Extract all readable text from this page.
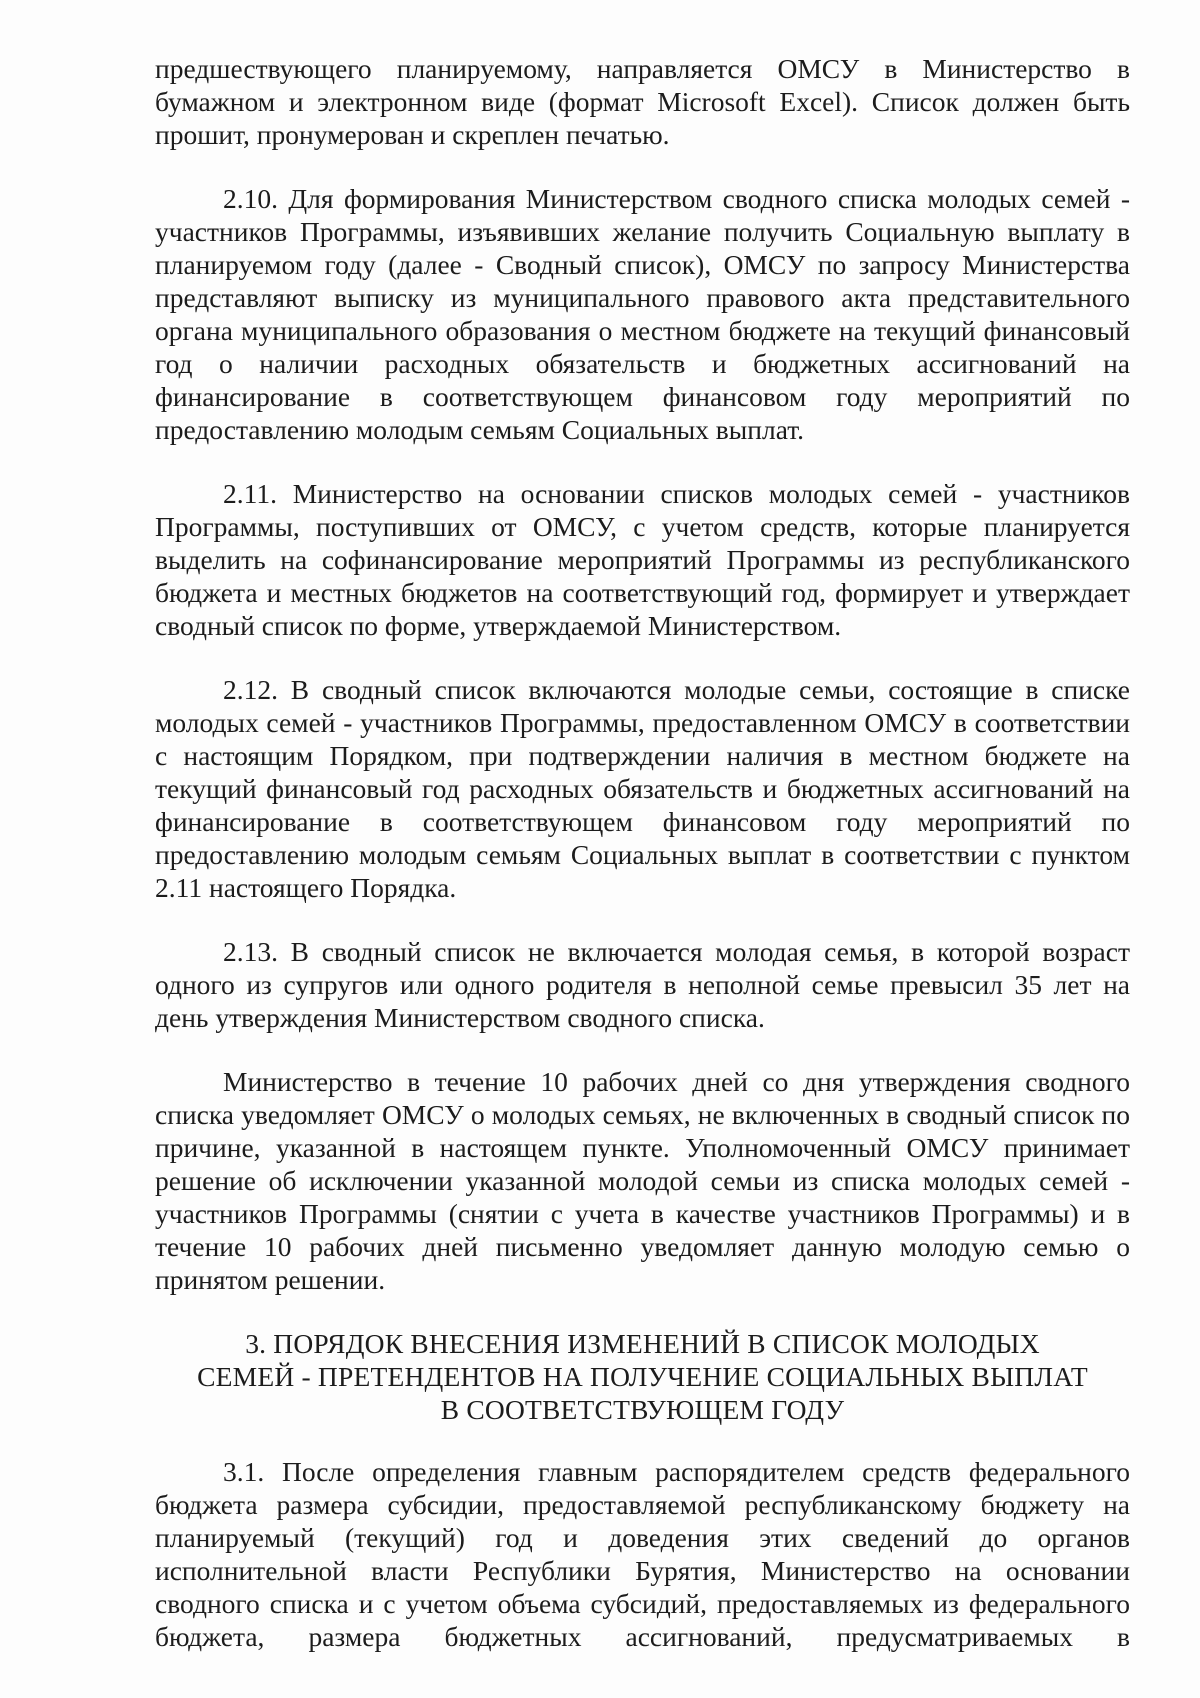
предшествующего планируемому, направляется ОМСУ в Министерство в бумажном и электронном виде (формат Microsoft Excel). Список должен быть прошит, пронумерован и скреплен печатью.

2.10. Для формирования Министерством сводного списка молодых семей - участников Программы, изъявивших желание получить Социальную выплату в планируемом году (далее - Сводный список), ОМСУ по запросу Министерства представляют выписку из муниципального правового акта представительного органа муниципального образования о местном бюджете на текущий финансовый год о наличии расходных обязательств и бюджетных ассигнований на финансирование в соответствующем финансовом году мероприятий по предоставлению молодым семьям Социальных выплат.

2.11. Министерство на основании списков молодых семей - участников Программы, поступивших от ОМСУ, с учетом средств, которые планируется выделить на софинансирование мероприятий Программы из республиканского бюджета и местных бюджетов на соответствующий год, формирует и утверждает сводный список по форме, утверждаемой Министерством.

2.12. В сводный список включаются молодые семьи, состоящие в списке молодых семей - участников Программы, предоставленном ОМСУ в соответствии с настоящим Порядком, при подтверждении наличия в местном бюджете на текущий финансовый год расходных обязательств и бюджетных ассигнований на финансирование в соответствующем финансовом году мероприятий по предоставлению молодым семьям Социальных выплат в соответствии с пунктом 2.11 настоящего Порядка.

2.13. В сводный список не включается молодая семья, в которой возраст одного из супругов или одного родителя в неполной семье превысил 35 лет на день утверждения Министерством сводного списка.

Министерство в течение 10 рабочих дней со дня утверждения сводного списка уведомляет ОМСУ о молодых семьях, не включенных в сводный список по причине, указанной в настоящем пункте. Уполномоченный ОМСУ принимает решение об исключении указанной молодой семьи из списка молодых семей - участников Программы (снятии с учета в качестве участников Программы) и в течение 10 рабочих дней письменно уведомляет данную молодую семью о принятом решении.

3. ПОРЯДОК ВНЕСЕНИЯ ИЗМЕНЕНИЙ В СПИСОК МОЛОДЫХ
СЕМЕЙ - ПРЕТЕНДЕНТОВ НА ПОЛУЧЕНИЕ СОЦИАЛЬНЫХ ВЫПЛАТ
В СООТВЕТСТВУЮЩЕМ ГОДУ

3.1. После определения главным распорядителем средств федерального бюджета размера субсидии, предоставляемой республиканскому бюджету на планируемый (текущий) год и доведения этих сведений до органов исполнительной власти Республики Бурятия, Министерство на основании сводного списка и с учетом объема субсидий, предоставляемых из федерального бюджета, размера бюджетных ассигнований, предусматриваемых в
